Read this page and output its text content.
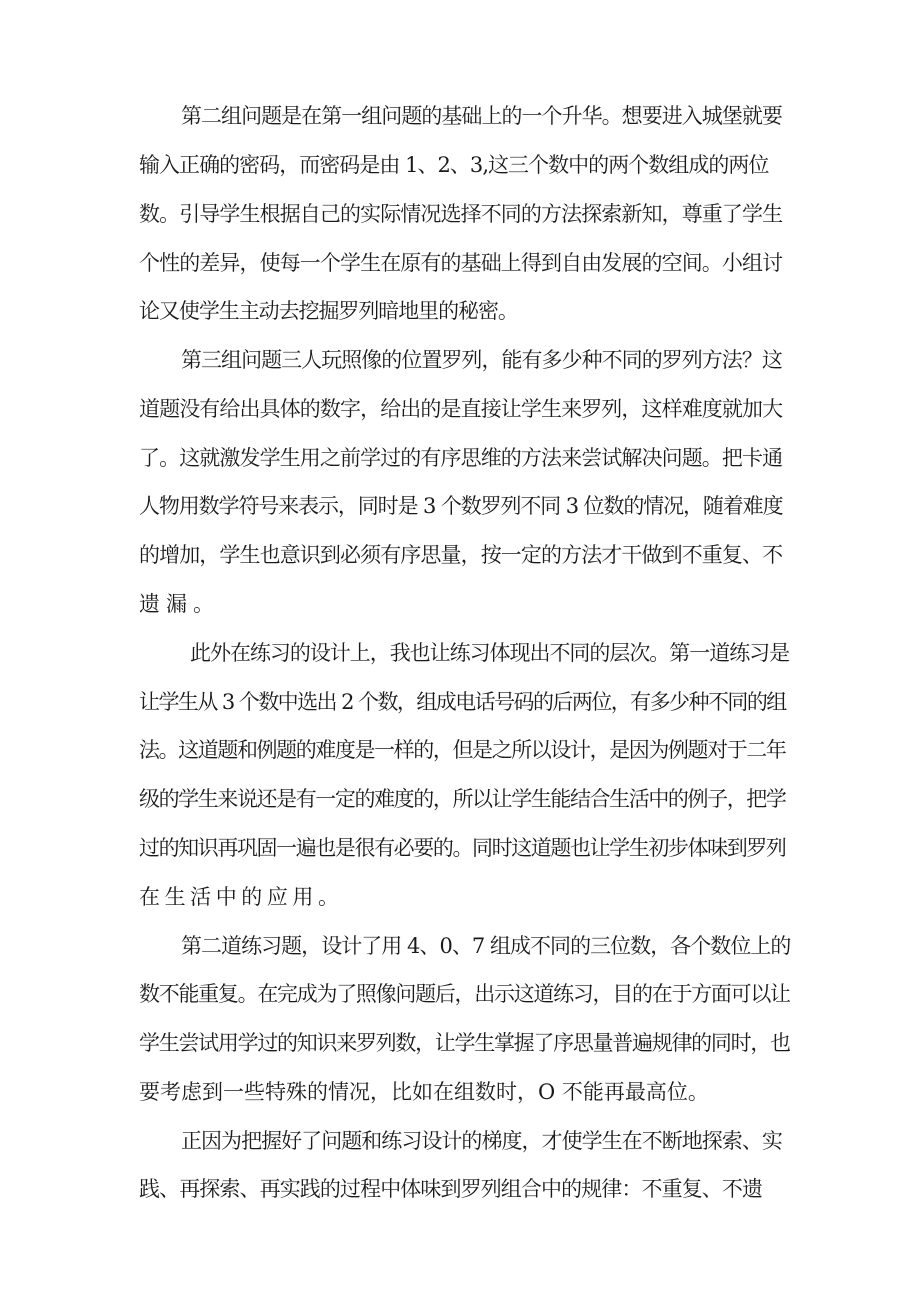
第二组问题是在第一组问题的基础上的一个升华。想要进入城堡就要
输入正确的密码，而密码是由 1、2、3,这三个数中的两个数组成的两位
数。引导学生根据自己的实际情况选择不同的方法探索新知，尊重了学生
个性的差异，使每一个学生在原有的基础上得到自由发展的空间。小组讨
论又使学生主动去挖掘罗列暗地里的秘密。
第三组问题三人玩照像的位置罗列，能有多少种不同的罗列方法？这
道题没有给出具体的数字，给出的是直接让学生来罗列，这样难度就加大
了。这就激发学生用之前学过的有序思维的方法来尝试解决问题。把卡通
人物用数学符号来表示，同时是 3 个数罗列不同 3 位数的情况，随着难度
的增加，学生也意识到必须有序思量，按一定的方法才干做到不重复、不
遗漏。
此外在练习的设计上，我也让练习体现出不同的层次。第一道练习是
让学生从 3 个数中选出 2 个数，组成电话号码的后两位，有多少种不同的组
法。这道题和例题的难度是一样的，但是之所以设计，是因为例题对于二年
级的学生来说还是有一定的难度的，所以让学生能结合生活中的例子，把学
过的知识再巩固一遍也是很有必要的。同时这道题也让学生初步体味到罗列
在生活中的应用。
第二道练习题，设计了用 4、0、7 组成不同的三位数，各个数位上的
数不能重复。在完成为了照像问题后，出示这道练习，目的在于方面可以让
学生尝试用学过的知识来罗列数，让学生掌握了序思量普遍规律的同时，也
要考虑到一些特殊的情况，比如在组数时，O 不能再最高位。
正因为把握好了问题和练习设计的梯度，才使学生在不断地探索、实
践、再探索、再实践的过程中体味到罗列组合中的规律：不重复、不遗
